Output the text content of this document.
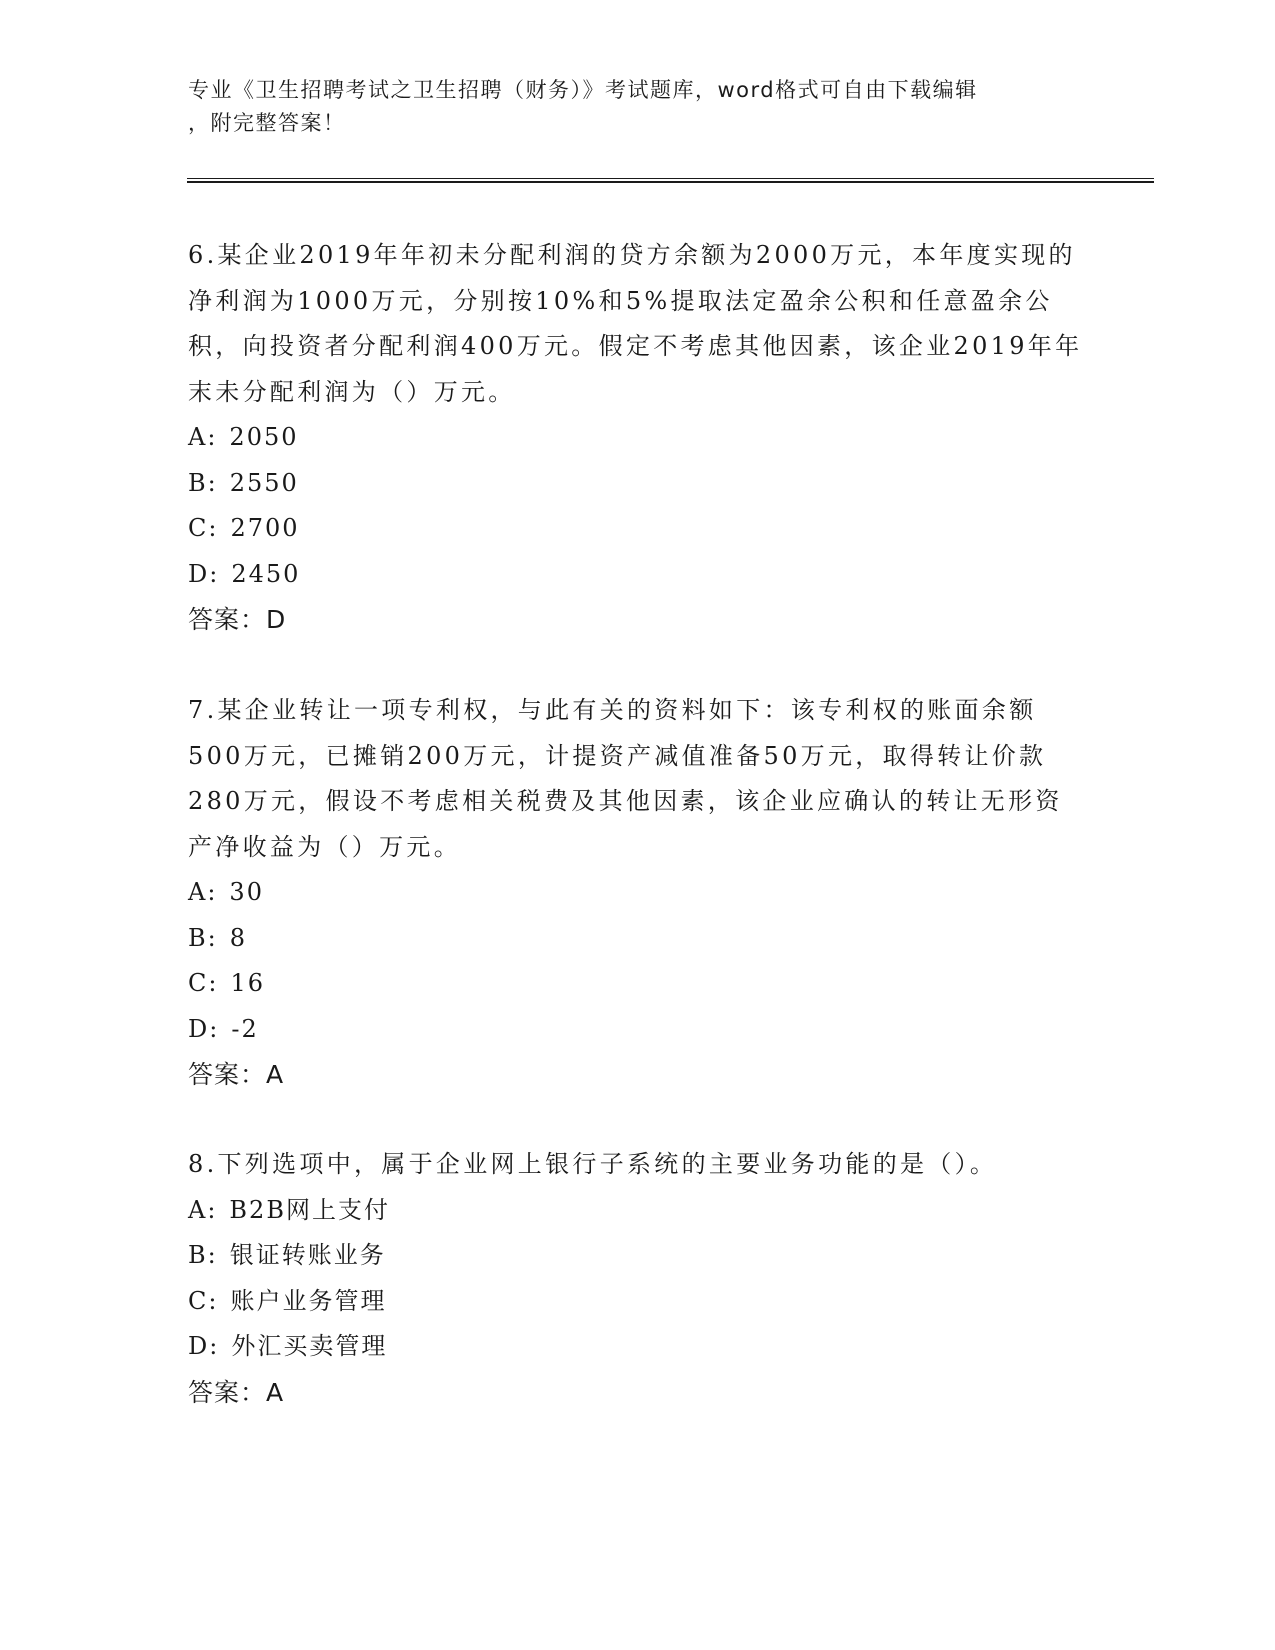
专业《卫生招聘考试之卫生招聘（财务）》考试题库，word格式可自由下载编辑
，附完整答案！

6.某企业2019年年初未分配利润的贷方余额为2000万元，本年度实现的净利润为1000万元，分别按10%和5%提取法定盈余公积和任意盈余公积，向投资者分配利润400万元。假定不考虑其他因素，该企业2019年年末未分配利润为（）万元。

A: 2050

B: 2550

C: 2700

D: 2450

答案：D

7.某企业转让一项专利权，与此有关的资料如下：该专利权的账面余额500万元，已摊销200万元，计提资产减值准备50万元，取得转让价款280万元，假设不考虑相关税费及其他因素，该企业应确认的转让无形资产净收益为（）万元。

A: 30

B: 8

C: 16

D: -2

答案：A

8.下列选项中，属于企业网上银行子系统的主要业务功能的是（）。

A: B2B网上支付

B: 银证转账业务

C: 账户业务管理

D: 外汇买卖管理

答案：A
